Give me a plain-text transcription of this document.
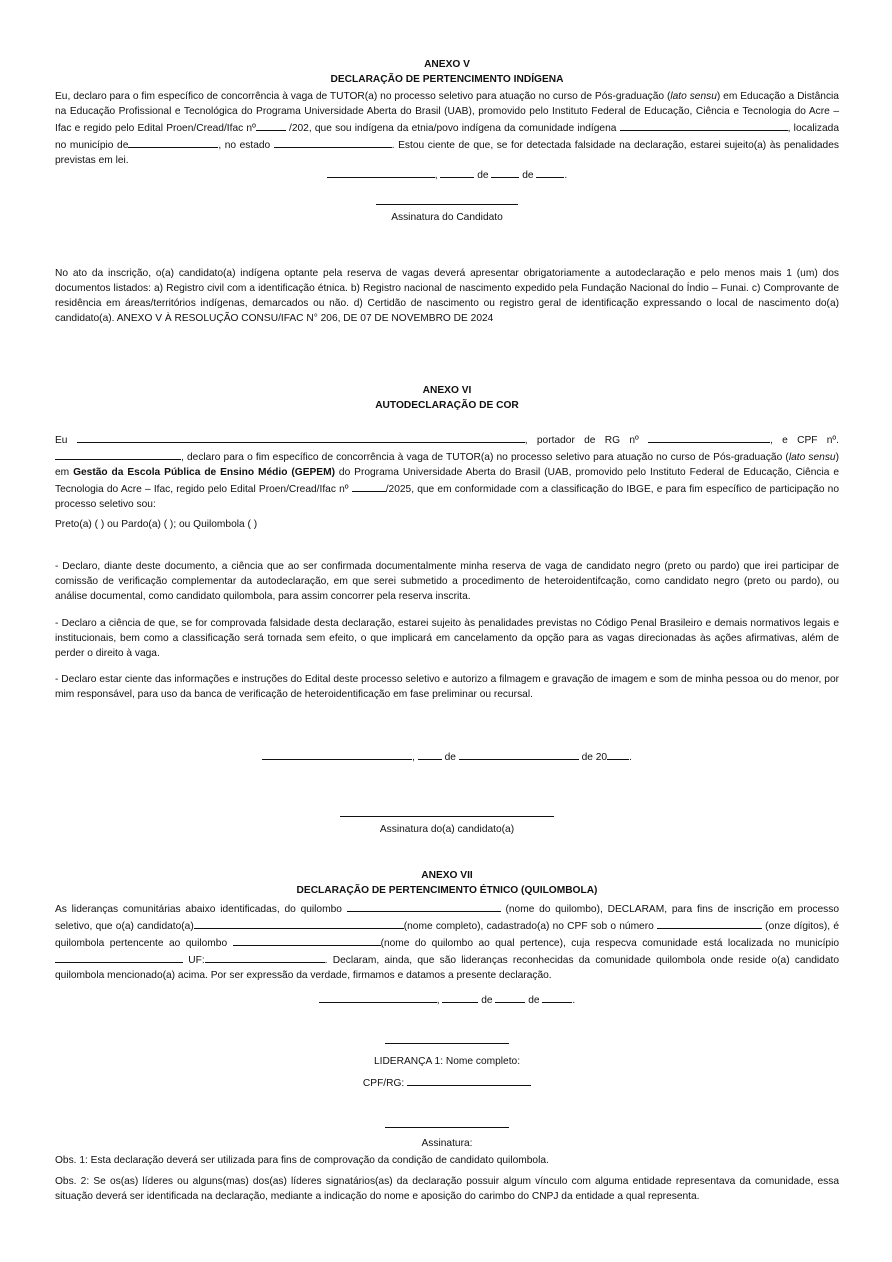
ANEXO V
DECLARAÇÃO DE PERTENCIMENTO INDÍGENA

Eu, declaro para o fim específico de concorrência à vaga de TUTOR(a) no processo seletivo para atuação no curso de Pós-graduação (lato sensu) em Educação a Distância na Educação Profissional e Tecnológica do Programa Universidade Aberta do Brasil (UAB), promovido pelo Instituto Federal de Educação, Ciência e Tecnologia do Acre – Ifac e regido pelo Edital Proen/Cread/Ifac nº	/202, que sou indígena da etnia/povo indígena da comunidade indígena	, localizada no município de	, no estado	. Estou ciente de que, se for detectada falsidade na declaração, estarei sujeito(a) às penalidades previstas em lei.

,	de	de	.
Assinatura do Candidato

No ato da inscrição, o(a) candidato(a) indígena optante pela reserva de vagas deverá apresentar obrigatoriamente a autodeclaração e pelo menos mais 1 (um) dos documentos listados: a) Registro civil com a identificação étnica. b) Registro nacional de nascimento expedido pela Fundação Nacional do Índio – Funai. c) Comprovante de residência em áreas/territórios indígenas, demarcados ou não. d) Certidão de nascimento ou registro geral de identificação expressando o local de nascimento do(a) candidato(a). ANEXO V À RESOLUÇÃO CONSU/IFAC N° 206, DE 07 DE NOVEMBRO DE 2024

ANEXO VI
AUTODECLARAÇÃO DE COR

Eu	, portador de RG nº	, e CPF nº. , declaro para o fim específico de concorrência à vaga de TUTOR(a) no processo seletivo para atuação no curso de Pós-graduação (lato sensu) em Gestão da Escola Pública de Ensino Médio (GEPEM) do Programa Universidade Aberta do Brasil (UAB, promovido pelo Instituto Federal de Educação, Ciência e Tecnologia do Acre – Ifac, regido pelo Edital Proen/Cread/Ifac nº	/2025, que em conformidade com a classificação do IBGE, e para fim específico de participação no processo seletivo sou:

Preto(a) ( ) ou Pardo(a) ( ); ou Quilombola ( )

- Declaro, diante deste documento, a ciência que ao ser confirmada documentalmente minha reserva de vaga de candidato negro (preto ou pardo) que irei participar de comissão de verificação complementar da autodeclaração, em que serei submetido a procedimento de heteroidentifcação, como candidato negro (preto ou pardo), ou análise documental, como candidato quilombola, para assim concorrer pela reserva inscrita.

- Declaro a ciência de que, se for comprovada falsidade desta declaração, estarei sujeito às penalidades previstas no Código Penal Brasileiro e demais normativos legais e institucionais, bem como a classificação será tornada sem efeito, o que implicará em cancelamento da opção para as vagas direcionadas às ações afirmativas, além de perder o direito à vaga.

- Declaro estar ciente das informações e instruções do Edital deste processo seletivo e autorizo a filmagem e gravação de imagem e som de minha pessoa ou do menor, por mim responsável, para uso da banca de verificação de heteroidentificação em fase preliminar ou recursal.

,  de	de 20 .
Assinatura do(a) candidato(a)
ANEXO VII
DECLARAÇÃO DE PERTENCIMENTO ÉTNICO (QUILOMBOLA)

As lideranças comunitárias abaixo identificadas, do quilombo	(nome do quilombo), DECLARAM, para fins de inscrição em processo seletivo, que o(a) candidato(a)	(nome completo), cadastrado(a) no CPF sob o número	(onze dígitos), é quilombola pertencente ao quilombo	(nome do quilombo ao qual pertence), cuja respecva comunidade está localizada no município  UF:	. Declaram, ainda, que são lideranças reconhecidas da comunidade quilombola onde reside o(a) candidato quilombola mencionado(a) acima. Por ser expressão da verdade, firmamos e datamos a presente declaração.

,	de	de	.
LIDERANÇA 1: Nome completo:
CPF/RG:
Assinatura:

Obs. 1: Esta declaração deverá ser utilizada para fins de comprovação da condição de candidato quilombola.

Obs. 2: Se os(as) líderes ou alguns(mas) dos(as) líderes signatários(as) da declaração possuir algum vínculo com alguma entidade representava da comunidade, essa situação deverá ser identificada na declaração, mediante a indicação do nome e aposição do carimbo do CNPJ da entidade a qual representa.
